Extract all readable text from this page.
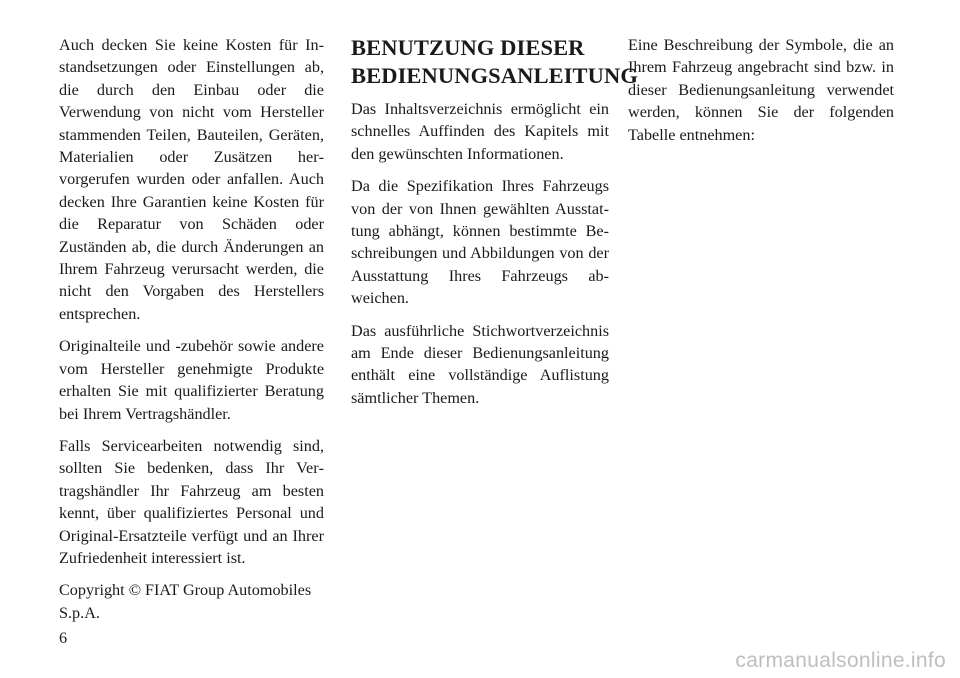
Auch decken Sie keine Kosten für Instandsetzungen oder Einstellungen ab, die durch den Einbau oder die Verwendung von nicht vom Hersteller stammenden Teilen, Bauteilen, Geräten, Materialien oder Zusätzen hervorgerufen wurden oder anfallen. Auch decken Ihre Garantien keine Kosten für die Reparatur von Schäden oder Zuständen ab, die durch Änderungen an Ihrem Fahrzeug verursacht werden, die nicht den Vorgaben des Herstellers entsprechen.

Originalteile und -zubehör sowie andere vom Hersteller genehmigte Produkte erhalten Sie mit qualifizierter Beratung bei Ihrem Vertragshändler.

Falls Servicearbeiten notwendig sind, sollten Sie bedenken, dass Ihr Vertragshändler Ihr Fahrzeug am besten kennt, über qualifiziertes Personal und Original-Ersatzteile verfügt und an Ihrer Zufriedenheit interessiert ist.

Copyright © FIAT Group Automobiles S.p.A.

BENUTZUNG DIESER BEDIENUNGSANLEITUNG

Das Inhaltsverzeichnis ermöglicht ein schnelles Auffinden des Kapitels mit den gewünschten Informationen.

Da die Spezifikation Ihres Fahrzeugs von der von Ihnen gewählten Ausstattung abhängt, können bestimmte Beschreibungen und Abbildungen von der Ausstattung Ihres Fahrzeugs abweichen.

Das ausführliche Stichwortverzeichnis am Ende dieser Bedienungsanleitung enthält eine vollständige Auflistung sämtlicher Themen.

Eine Beschreibung der Symbole, die an Ihrem Fahrzeug angebracht sind bzw. in dieser Bedienungsanleitung verwendet werden, können Sie der folgenden Tabelle entnehmen:

6
carmanualsonline.info
